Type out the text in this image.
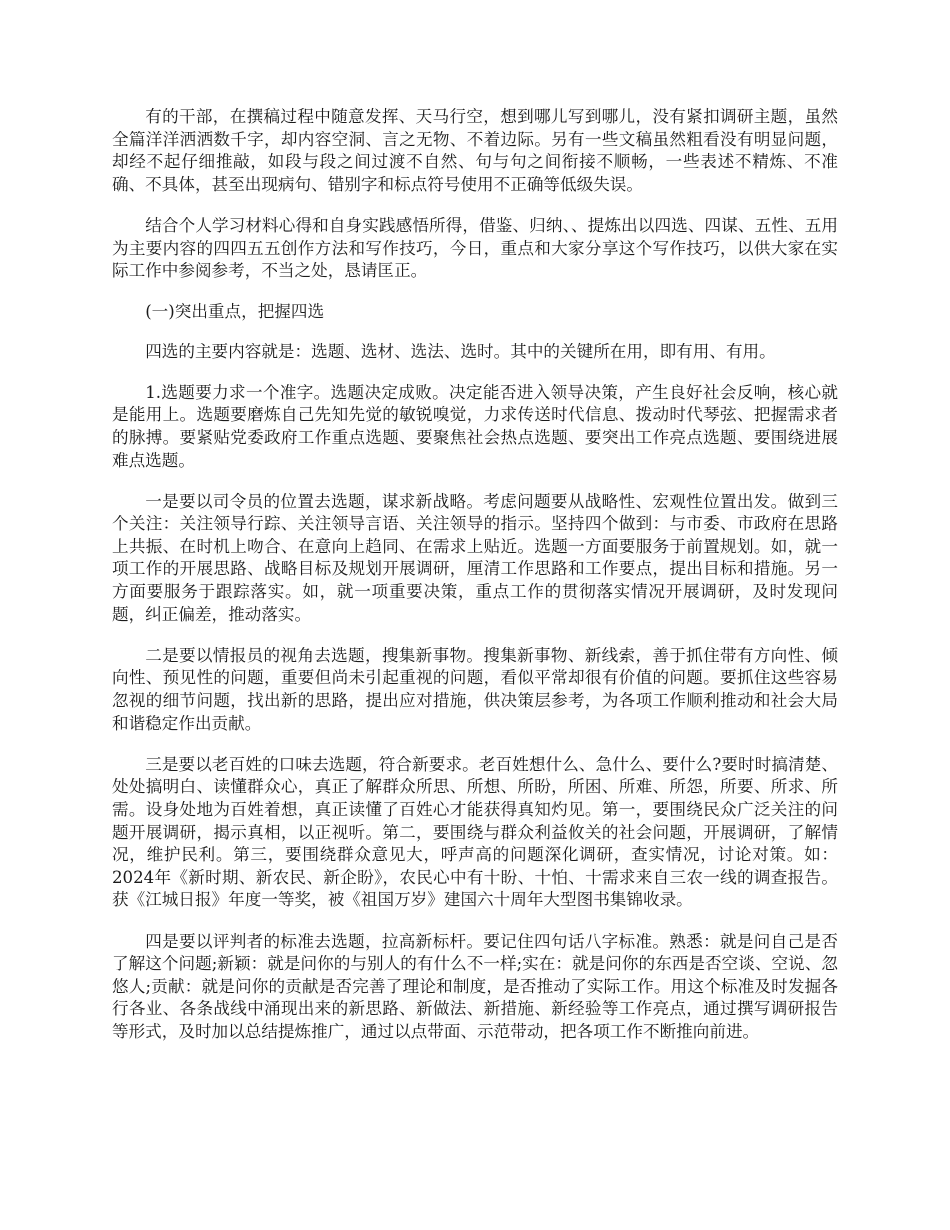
有的干部，在撰稿过程中随意发挥、天马行空，想到哪儿写到哪儿，没有紧扣调研主题，虽然全篇洋洋洒洒数千字，却内容空洞、言之无物、不着边际。另有一些文稿虽然粗看没有明显问题，却经不起仔细推敲，如段与段之间过渡不自然、句与句之间衔接不顺畅，一些表述不精炼、不准确、不具体，甚至出现病句、错别字和标点符号使用不正确等低级失误。

结合个人学习材料心得和自身实践感悟所得，借鉴、归纳、、提炼出以四选、四谋、五性、五用为主要内容的四四五五创作方法和写作技巧，今日，重点和大家分享这个写作技巧，以供大家在实际工作中参阅参考，不当之处，恳请匡正。

(一)突出重点，把握四选

四选的主要内容就是：选题、选材、选法、选时。其中的关键所在用，即有用、有用。

1.选题要力求一个准字。选题决定成败。决定能否进入领导决策，产生良好社会反响，核心就是能用上。选题要磨炼自己先知先觉的敏锐嗅觉，力求传送时代信息、拨动时代琴弦、把握需求者的脉搏。要紧贴党委政府工作重点选题、要聚焦社会热点选题、要突出工作亮点选题、要围绕进展难点选题。

一是要以司令员的位置去选题，谋求新战略。考虑问题要从战略性、宏观性位置出发。做到三个关注：关注领导行踪、关注领导言语、关注领导的指示。坚持四个做到：与市委、市政府在思路上共振、在时机上吻合、在意向上趋同、在需求上贴近。选题一方面要服务于前置规划。如，就一项工作的开展思路、战略目标及规划开展调研，厘清工作思路和工作要点，提出目标和措施。另一方面要服务于跟踪落实。如，就一项重要决策，重点工作的贯彻落实情况开展调研，及时发现问题，纠正偏差，推动落实。

二是要以情报员的视角去选题，搜集新事物。搜集新事物、新线索，善于抓住带有方向性、倾向性、预见性的问题，重要但尚未引起重视的问题，看似平常却很有价值的问题。要抓住这些容易忽视的细节问题，找出新的思路，提出应对措施，供决策层参考，为各项工作顺利推动和社会大局和谐稳定作出贡献。

三是要以老百姓的口味去选题，符合新要求。老百姓想什么、急什么、要什么?要时时搞清楚、处处搞明白、读懂群众心，真正了解群众所思、所想、所盼，所困、所难、所怨，所要、所求、所需。设身处地为百姓着想，真正读懂了百姓心才能获得真知灼见。第一，要围绕民众广泛关注的问题开展调研，揭示真相，以正视听。第二，要围绕与群众利益攸关的社会问题，开展调研，了解情况，维护民利。第三，要围绕群众意见大，呼声高的问题深化调研，查实情况，讨论对策。如：2024年《新时期、新农民、新企盼》，农民心中有十盼、十怕、十需求来自三农一线的调查报告。获《江城日报》年度一等奖，被《祖国万岁》建国六十周年大型图书集锦收录。

四是要以评判者的标准去选题，拉高新标杆。要记住四句话八字标准。熟悉：就是问自己是否了解这个问题;新颖：就是问你的与别人的有什么不一样;实在：就是问你的东西是否空谈、空说、忽悠人;贡献：就是问你的贡献是否完善了理论和制度，是否推动了实际工作。用这个标准及时发掘各行各业、各条战线中涌现出来的新思路、新做法、新措施、新经验等工作亮点，通过撰写调研报告等形式，及时加以总结提炼推广，通过以点带面、示范带动，把各项工作不断推向前进。
